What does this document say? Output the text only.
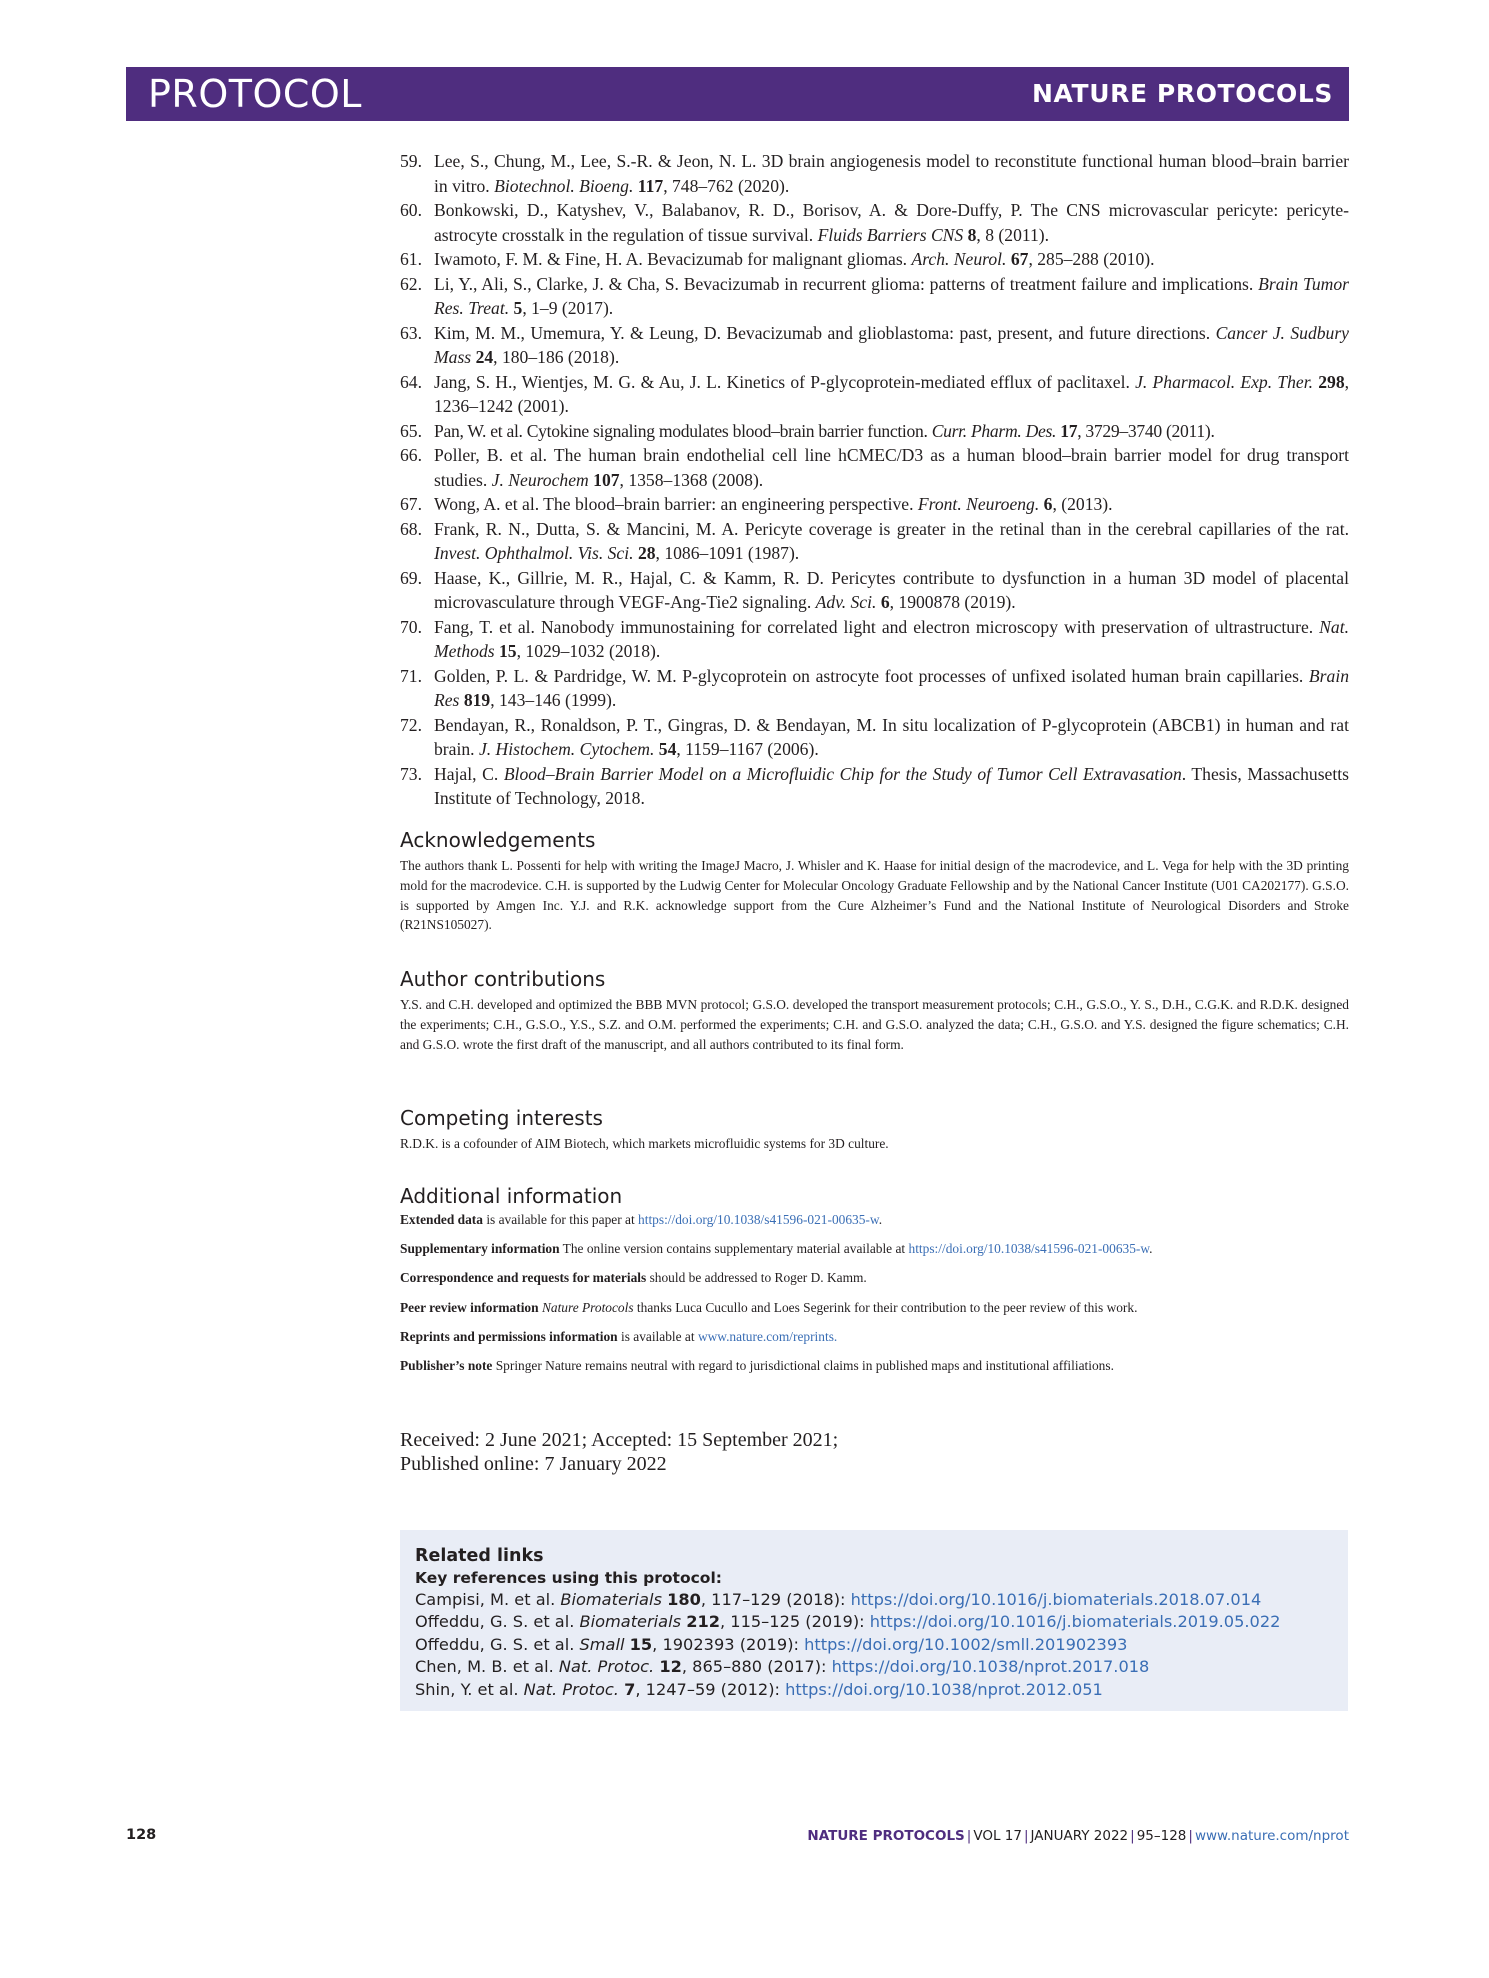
PROTOCOL	NATURE PROTOCOLS
59. Lee, S., Chung, M., Lee, S.-R. & Jeon, N. L. 3D brain angiogenesis model to reconstitute functional human blood–brain barrier in vitro. Biotechnol. Bioeng. 117, 748–762 (2020).
60. Bonkowski, D., Katyshev, V., Balabanov, R. D., Borisov, A. & Dore-Duffy, P. The CNS microvascular pericyte: pericyte-astrocyte crosstalk in the regulation of tissue survival. Fluids Barriers CNS 8, 8 (2011).
61. Iwamoto, F. M. & Fine, H. A. Bevacizumab for malignant gliomas. Arch. Neurol. 67, 285–288 (2010).
62. Li, Y., Ali, S., Clarke, J. & Cha, S. Bevacizumab in recurrent glioma: patterns of treatment failure and implications. Brain Tumor Res. Treat. 5, 1–9 (2017).
63. Kim, M. M., Umemura, Y. & Leung, D. Bevacizumab and glioblastoma: past, present, and future directions. Cancer J. Sudbury Mass 24, 180–186 (2018).
64. Jang, S. H., Wientjes, M. G. & Au, J. L. Kinetics of P-glycoprotein-mediated efflux of paclitaxel. J. Pharmacol. Exp. Ther. 298, 1236–1242 (2001).
65. Pan, W. et al. Cytokine signaling modulates blood–brain barrier function. Curr. Pharm. Des. 17, 3729–3740 (2011).
66. Poller, B. et al. The human brain endothelial cell line hCMEC/D3 as a human blood–brain barrier model for drug transport studies. J. Neurochem 107, 1358–1368 (2008).
67. Wong, A. et al. The blood–brain barrier: an engineering perspective. Front. Neuroeng. 6, (2013).
68. Frank, R. N., Dutta, S. & Mancini, M. A. Pericyte coverage is greater in the retinal than in the cerebral capillaries of the rat. Invest. Ophthalmol. Vis. Sci. 28, 1086–1091 (1987).
69. Haase, K., Gillrie, M. R., Hajal, C. & Kamm, R. D. Pericytes contribute to dysfunction in a human 3D model of placental microvasculature through VEGF-Ang-Tie2 signaling. Adv. Sci. 6, 1900878 (2019).
70. Fang, T. et al. Nanobody immunostaining for correlated light and electron microscopy with preservation of ultrastructure. Nat. Methods 15, 1029–1032 (2018).
71. Golden, P. L. & Pardridge, W. M. P-glycoprotein on astrocyte foot processes of unfixed isolated human brain capillaries. Brain Res 819, 143–146 (1999).
72. Bendayan, R., Ronaldson, P. T., Gingras, D. & Bendayan, M. In situ localization of P-glycoprotein (ABCB1) in human and rat brain. J. Histochem. Cytochem. 54, 1159–1167 (2006).
73. Hajal, C. Blood–Brain Barrier Model on a Microfluidic Chip for the Study of Tumor Cell Extravasation. Thesis, Massachusetts Institute of Technology, 2018.
Acknowledgements

The authors thank L. Possenti for help with writing the ImageJ Macro, J. Whisler and K. Haase for initial design of the macrodevice, and L. Vega for help with the 3D printing mold for the macrodevice. C.H. is supported by the Ludwig Center for Molecular Oncology Graduate Fellowship and by the National Cancer Institute (U01 CA202177). G.S.O. is supported by Amgen Inc. Y.J. and R.K. acknowledge support from the Cure Alzheimer’s Fund and the National Institute of Neurological Disorders and Stroke (R21NS105027).

Author contributions

Y.S. and C.H. developed and optimized the BBB MVN protocol; G.S.O. developed the transport measurement protocols; C.H., G.S.O., Y. S., D.H., C.G.K. and R.D.K. designed the experiments; C.H., G.S.O., Y.S., S.Z. and O.M. performed the experiments; C.H. and G.S.O. analyzed the data; C.H., G.S.O. and Y.S. designed the figure schematics; C.H. and G.S.O. wrote the first draft of the manuscript, and all authors contributed to its final form.

Competing interests

R.D.K. is a cofounder of AIM Biotech, which markets microfluidic systems for 3D culture.

Additional information

Extended data is available for this paper at https://doi.org/10.1038/s41596-021-00635-w.

Supplementary information The online version contains supplementary material available at https://doi.org/10.1038/s41596-021-00635-w.

Correspondence and requests for materials should be addressed to Roger D. Kamm.

Peer review information Nature Protocols thanks Luca Cucullo and Loes Segerink for their contribution to the peer review of this work.

Reprints and permissions information is available at www.nature.com/reprints.

Publisher’s note Springer Nature remains neutral with regard to jurisdictional claims in published maps and institutional affiliations.

Received: 2 June 2021; Accepted: 15 September 2021;
Published online: 7 January 2022
Related links
Key references using this protocol:
Campisi, M. et al. Biomaterials 180, 117–129 (2018): https://doi.org/10.1016/j.biomaterials.2018.07.014
Offeddu, G. S. et al. Biomaterials 212, 115–125 (2019): https://doi.org/10.1016/j.biomaterials.2019.05.022
Offeddu, G. S. et al. Small 15, 1902393 (2019): https://doi.org/10.1002/smll.201902393
Chen, M. B. et al. Nat. Protoc. 12, 865–880 (2017): https://doi.org/10.1038/nprot.2017.018
Shin, Y. et al. Nat. Protoc. 7, 1247–59 (2012): https://doi.org/10.1038/nprot.2012.051
128	NATURE PROTOCOLS | VOL 17 | JANUARY 2022 | 95–128 | www.nature.com/nprot
